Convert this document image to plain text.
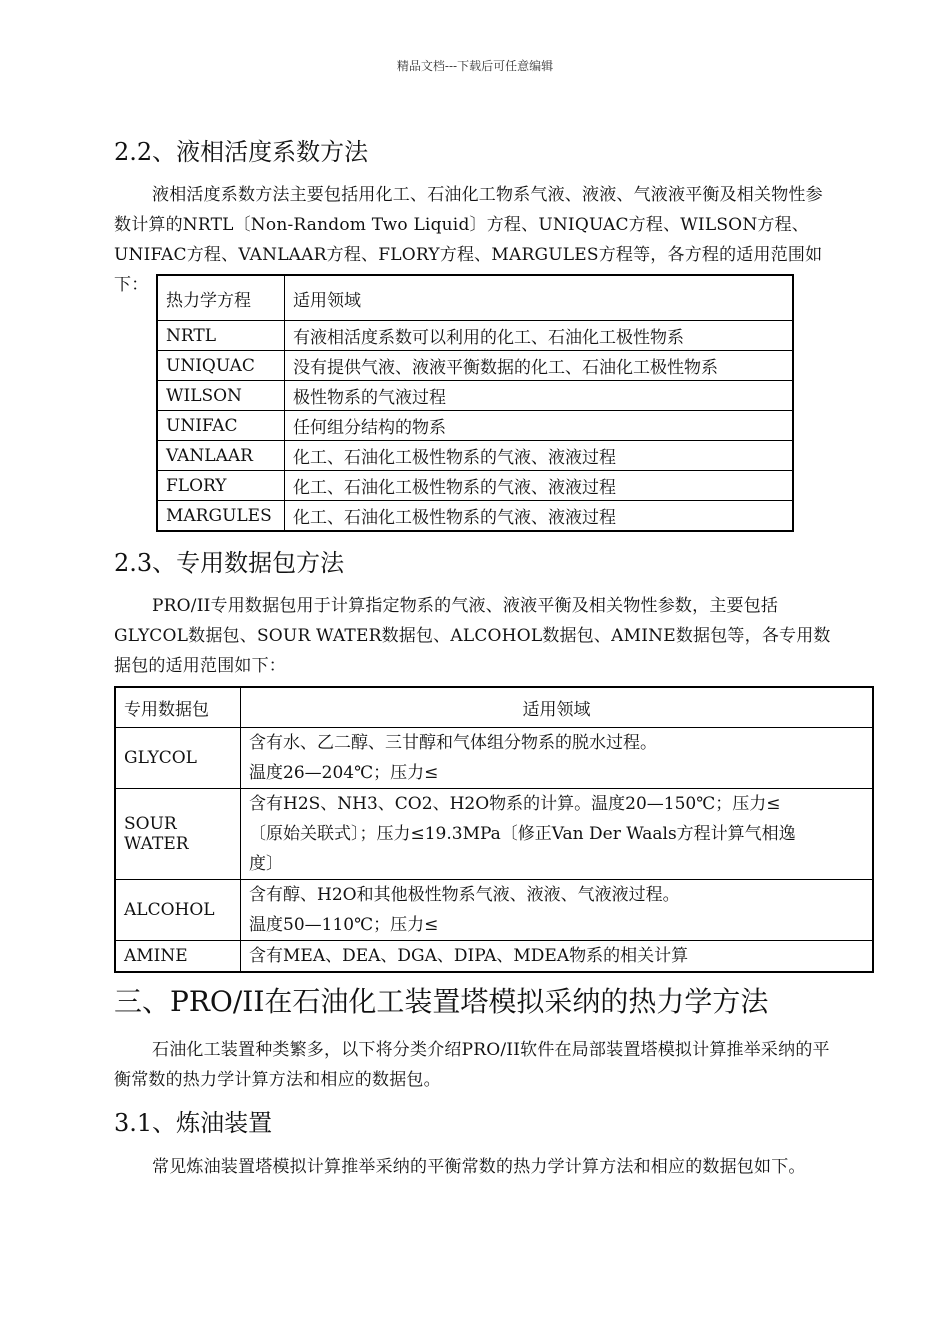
精品文档---下载后可任意编辑
2.2、液相活度系数方法
液相活度系数方法主要包括用化工、石油化工物系气液、液液、气液液平衡及相关物性参数计算的NRTL〔Non-Random Two Liquid〕方程、UNIQUAC方程、WILSON方程、UNIFAC方程、VANLAAR方程、FLORY方程、MARGULES方程等，各方程的适用范围如下：
热力学方程	适用领域
NRTL	有液相活度系数可以利用的化工、石油化工极性物系
UNIQUAC	没有提供气液、液液平衡数据的化工、石油化工极性物系
WILSON	极性物系的气液过程
UNIFAC	任何组分结构的物系
VANLAAR	化工、石油化工极性物系的气液、液液过程
FLORY	化工、石油化工极性物系的气液、液液过程
MARGULES	化工、石油化工极性物系的气液、液液过程
2.3、专用数据包方法
PRO/II专用数据包用于计算指定物系的气液、液液平衡及相关物性参数，主要包括GLYCOL数据包、SOUR WATER数据包、ALCOHOL数据包、AMINE数据包等，各专用数据包的适用范围如下：
专用数据包	适用领域
GLYCOL	含有水、乙二醇、三甘醇和气体组分物系的脱水过程。
温度26—204℃；压力≤

SOUR WATER	含有H2S、NH3、CO2、H2O物系的计算。温度20—150℃；压力≤
〔原始关联式〕；压力≤19.3MPa〔修正Van Der Waals方程计算气相逸
度〕

ALCOHOL	含有醇、H2O和其他极性物系气液、液液、气液液过程。
温度50—110℃；压力≤

AMINE	含有MEA、DEA、DGA、DIPA、MDEA物系的相关计算
三、PRO/II在石油化工装置塔模拟采纳的热力学方法
石油化工装置种类繁多，以下将分类介绍PRO/II软件在局部装置塔模拟计算推举采纳的平衡常数的热力学计算方法和相应的数据包。
3.1、炼油装置
常见炼油装置塔模拟计算推举采纳的平衡常数的热力学计算方法和相应的数据包如下。
